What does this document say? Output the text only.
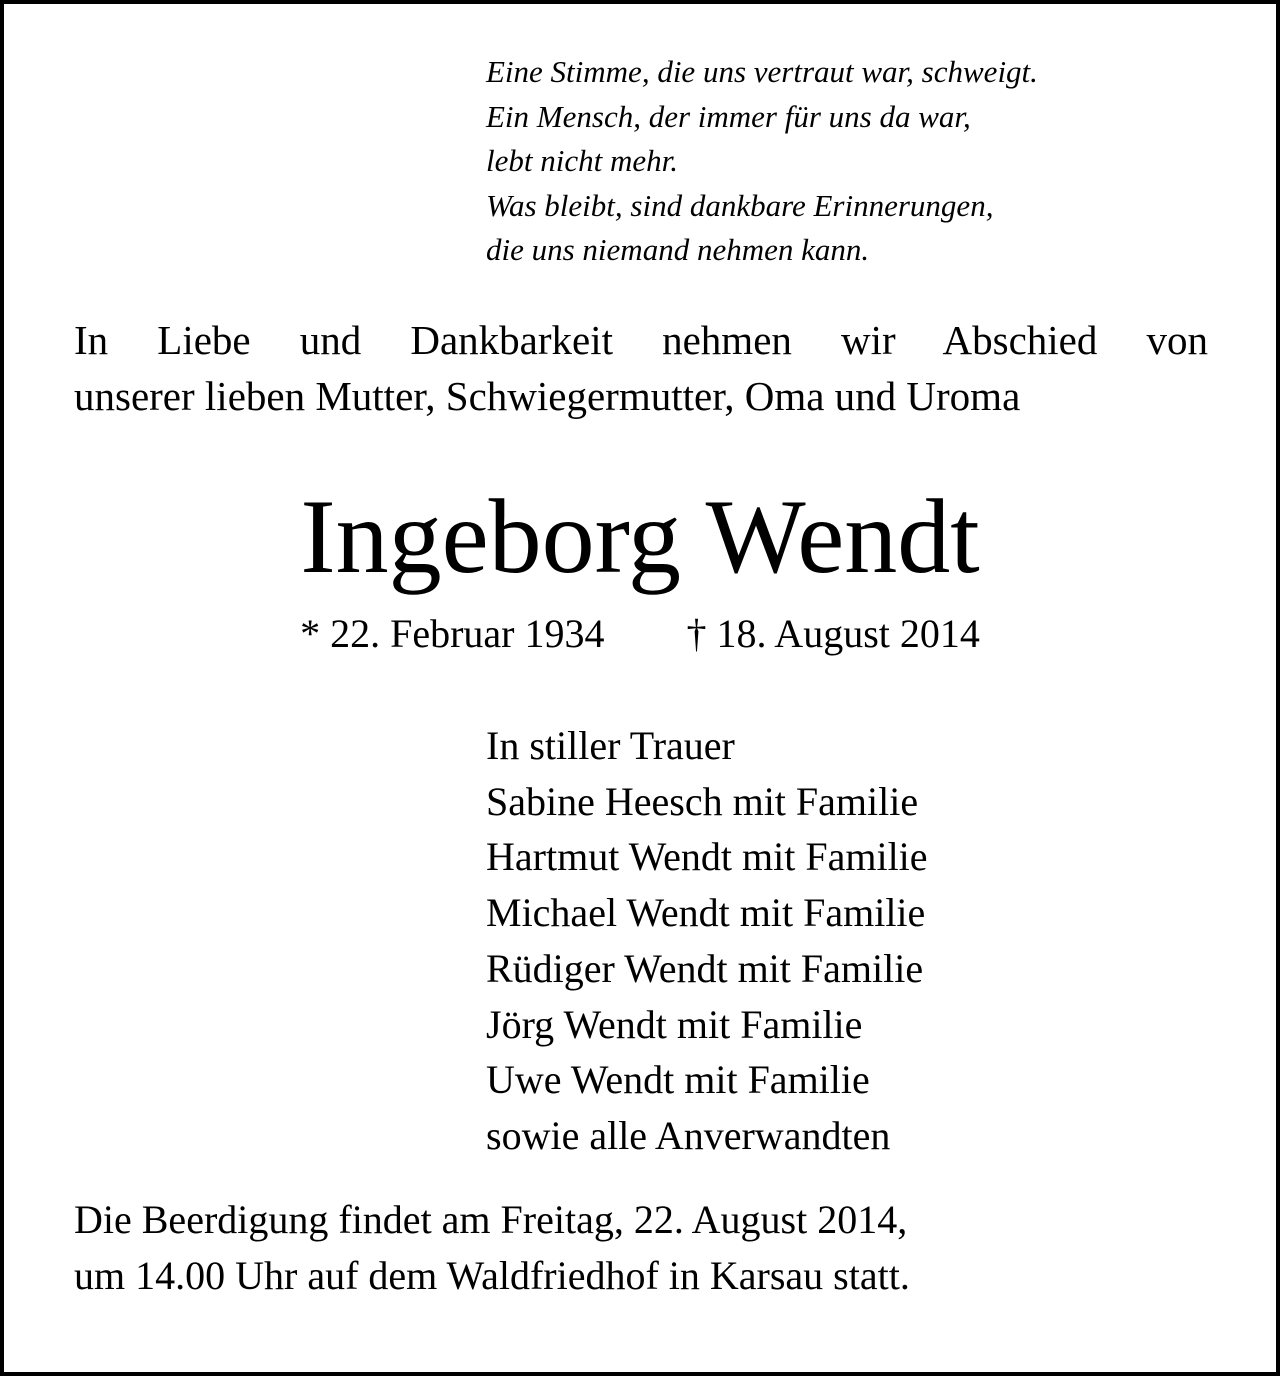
Eine Stimme, die uns vertraut war, schweigt.
Ein Mensch, der immer für uns da war,
lebt nicht mehr.
Was bleibt, sind dankbare Erinnerungen,
die uns niemand nehmen kann.
In Liebe und Dankbarkeit nehmen wir Abschied von
unserer lieben Mutter, Schwiegermutter, Oma und Uroma
Ingeborg Wendt
* 22. Februar 1934 † 18. August 2014
In stiller Trauer
Sabine Heesch mit Familie
Hartmut Wendt mit Familie
Michael Wendt mit Familie
Rüdiger Wendt mit Familie
Jörg Wendt mit Familie
Uwe Wendt mit Familie
sowie alle Anverwandten
Die Beerdigung findet am Freitag, 22. August 2014,
um 14.00 Uhr auf dem Waldfriedhof in Karsau statt.
